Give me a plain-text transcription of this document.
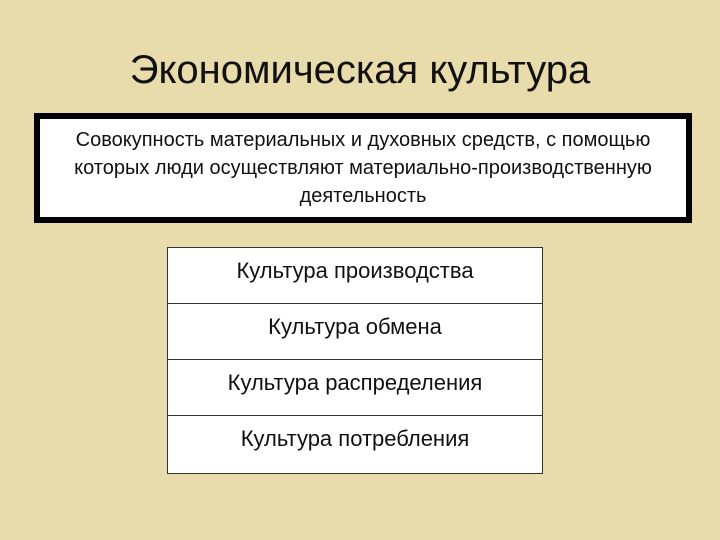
Экономическая культура
Совокупность материальных и духовных средств, с помощью которых люди осуществляют материально-производственную деятельность
Культура производства
Культура обмена
Культура распределения
Культура потребления
